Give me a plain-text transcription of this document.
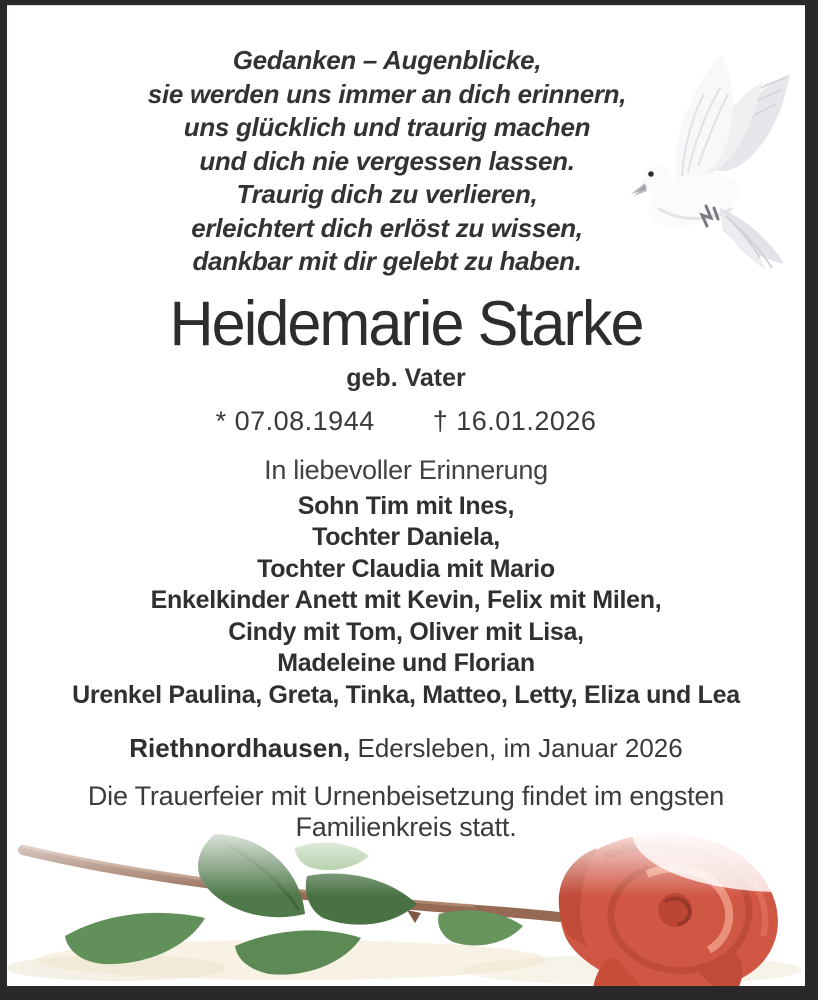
Gedanken – Augenblicke,
sie werden uns immer an dich erinnern,
uns glücklich und traurig machen
und dich nie vergessen lassen.
Traurig dich zu verlieren,
erleichtert dich erlöst zu wissen,
dankbar mit dir gelebt zu haben.
Heidemarie Starke
geb. Vater
* 07.08.1944 † 16.01.2026
In liebevoller Erinnerung
Sohn Tim mit Ines,
Tochter Daniela,
Tochter Claudia mit Mario
Enkelkinder Anett mit Kevin, Felix mit Milen,
Cindy mit Tom, Oliver mit Lisa,
Madeleine und Florian
Urenkel Paulina, Greta, Tinka, Matteo, Letty, Eliza und Lea
Riethnordhausen, Edersleben, im Januar 2026
Die Trauerfeier mit Urnenbeisetzung findet im engsten Familienkreis statt.
